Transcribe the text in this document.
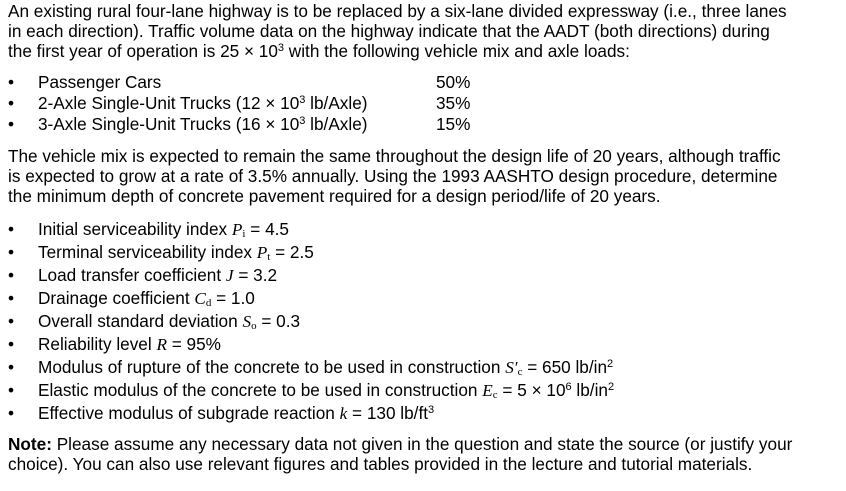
An existing rural four-lane highway is to be replaced by a six-lane divided expressway (i.e., three lanes
in each direction). Traffic volume data on the highway indicate that the AADT (both directions) during
the first year of operation is $25 \times 10^3$ with the following vehicle mix and axle loads:

•	Passenger Cars	50%
•	2-Axle Single-Unit Trucks ($12 \times 10^3$ lb/Axle)	35%
•	3-Axle Single-Unit Trucks ($16 \times 10^3$ lb/Axle)	15%

The vehicle mix is expected to remain the same throughout the design life of 20 years, although traffic
is expected to grow at a rate of 3.5% annually. Using the 1993 AASHTO design procedure, determine
the minimum depth of concrete pavement required for a design period/life of 20 years.

•	Initial serviceability index Pi = 4.5
•	Terminal serviceability index Pt = 2.5
•	Load transfer coefficient J = 3.2
•	Drainage coefficient Cd = 1.0
•	Overall standard deviation So = 0.3
•	Reliability level R = 95%
•	Modulus of rupture of the concrete to be used in construction S′c = 650 $lb/in^2$
•	Elastic modulus of the concrete to be used in construction $Ec = 5 \times 10^6$ $lb/in^2$
•	Effective modulus of subgrade reaction k = 130 $lb/ft^3$

Note: Please assume any necessary data not given in the question and state the source (or justify your
choice). You can also use relevant figures and tables provided in the lecture and tutorial materials.
